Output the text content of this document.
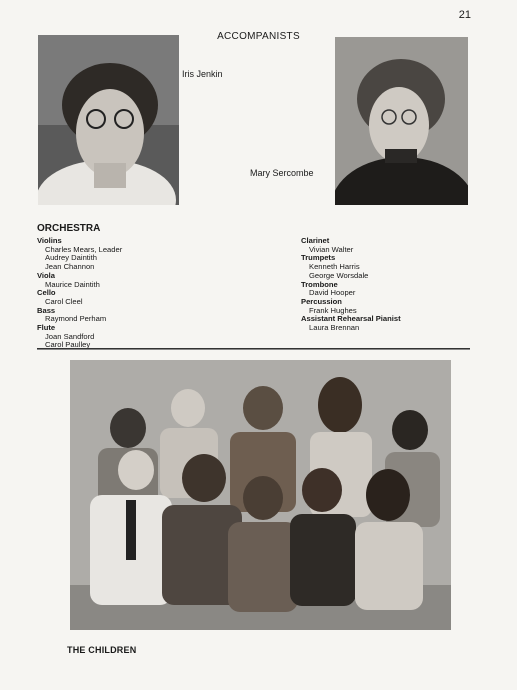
21
ACCOMPANISTS
Iris Jenkin
Mary Sercombe
ORCHESTRA
Violins
Charles Mears, Leader
Audrey Daintith
Jean Channon
Viola
Maurice Daintith
Cello
Carol Cleel
Bass
Raymond Perham
Flute
Joan Sandford
Carol Paulley
Clarinet
Vivian Walter
Trumpets
Kenneth Harris
George Worsdale
Trombone
David Hooper
Percussion
Frank Hughes
Assistant Rehearsal Pianist
Laura Brennan
THE CHILDREN
